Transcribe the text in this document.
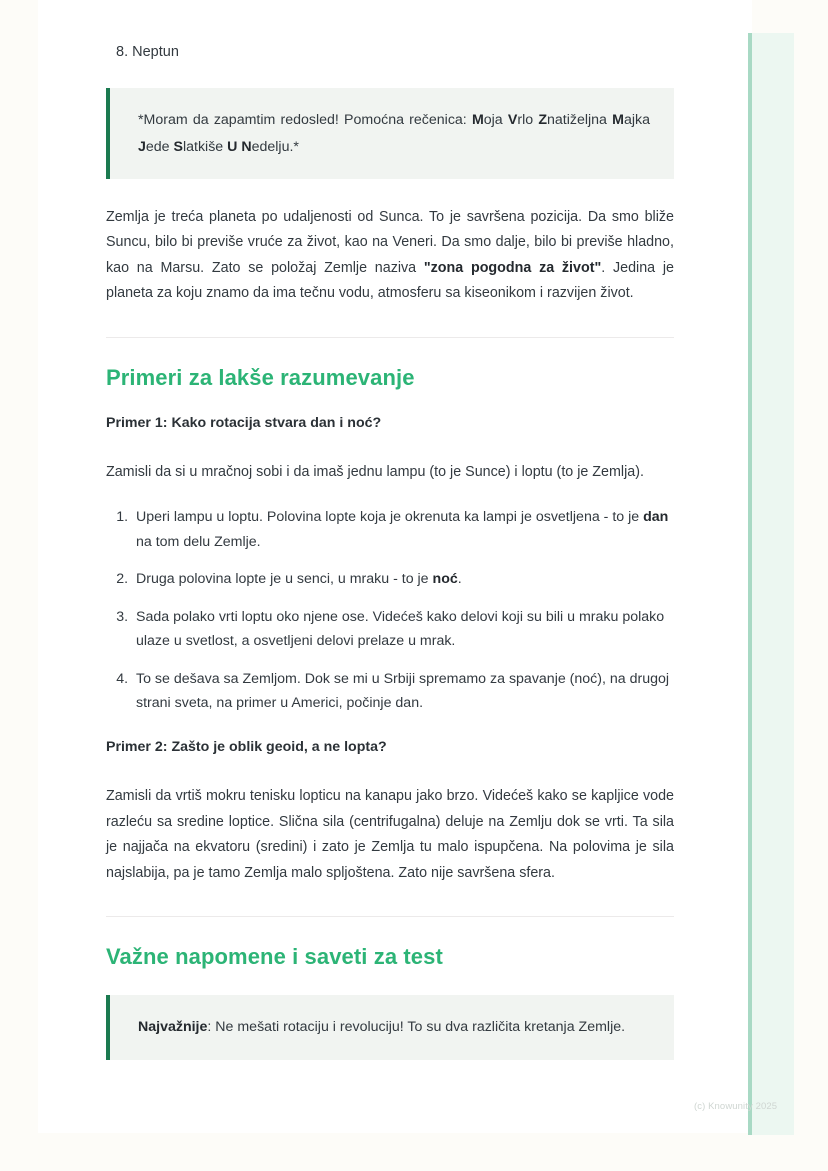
8. Neptun

*Moram da zapamtim redosled! Pomoćna rečenica: Moja Vrlo Znatiželjna Majka Jede Slatkiše U Nedelju.*

Zemlja je treća planeta po udaljenosti od Sunca. To je savršena pozicija. Da smo bliže Suncu, bilo bi previše vruće za život, kao na Veneri. Da smo dalje, bilo bi previše hladno, kao na Marsu. Zato se položaj Zemlje naziva "zona pogodna za život". Jedina je planeta za koju znamo da ima tečnu vodu, atmosferu sa kiseonikom i razvijen život.

Primeri za lakše razumevanje
Primer 1: Kako rotacija stvara dan i noć?

Zamisli da si u mračnoj sobi i da imaš jednu lampu (to je Sunce) i loptu (to je Zemlja).

1. Uperi lampu u loptu. Polovina lopte koja je okrenuta ka lampi je osvetljena - to je dan na tom delu Zemlje.
2. Druga polovina lopte je u senci, u mraku - to je noć.
3. Sada polako vrti loptu oko njene ose. Videćeš kako delovi koji su bili u mraku polako ulaze u svetlost, a osvetljeni delovi prelaze u mrak.
4. To se dešava sa Zemljom. Dok se mi u Srbiji spremamo za spavanje (noć), na drugoj strani sveta, na primer u Americi, počinje dan.
Primer 2: Zašto je oblik geoid, a ne lopta?

Zamisli da vrtiš mokru tenisku lopticu na kanapu jako brzo. Videćeš kako se kapljice vode razleću sa sredine loptice. Slična sila (centrifugalna) deluje na Zemlju dok se vrti. Ta sila je najjača na ekvatoru (sredini) i zato je Zemlja tu malo ispupčena. Na polovima je sila najslabija, pa je tamo Zemlja malo spljoštena. Zato nije savršena sfera.

Važne napomene i saveti za test

Najvažnije: Ne mešati rotaciju i revoluciju! To su dva različita kretanja Zemlje.

(c) Knowunity 2025
